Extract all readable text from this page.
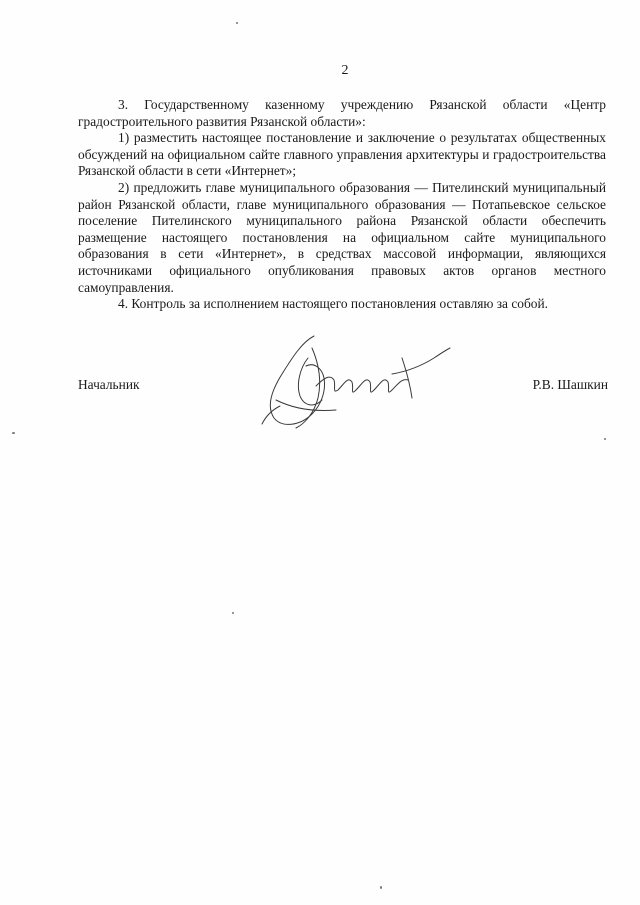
2

3. Государственному казенному учреждению Рязанской области «Центр градостроительного развития Рязанской области»:

1) разместить настоящее постановление и заключение о результатах общественных обсуждений на официальном сайте главного управления архитектуры и градостроительства Рязанской области в сети «Интернет»;

2) предложить главе муниципального образования — Пителинский муниципальный район Рязанской области, главе муниципального образования — Потапьевское сельское поселение Пителинского муниципального района Рязанской области обеспечить размещение настоящего постановления на официальном сайте муниципального образования в сети «Интернет», в средствах массовой информации, являющихся источниками официального опубликования правовых актов органов местного самоуправления.

4. Контроль за исполнением настоящего постановления оставляю за собой.

Начальник	Р.В. Шашкин
